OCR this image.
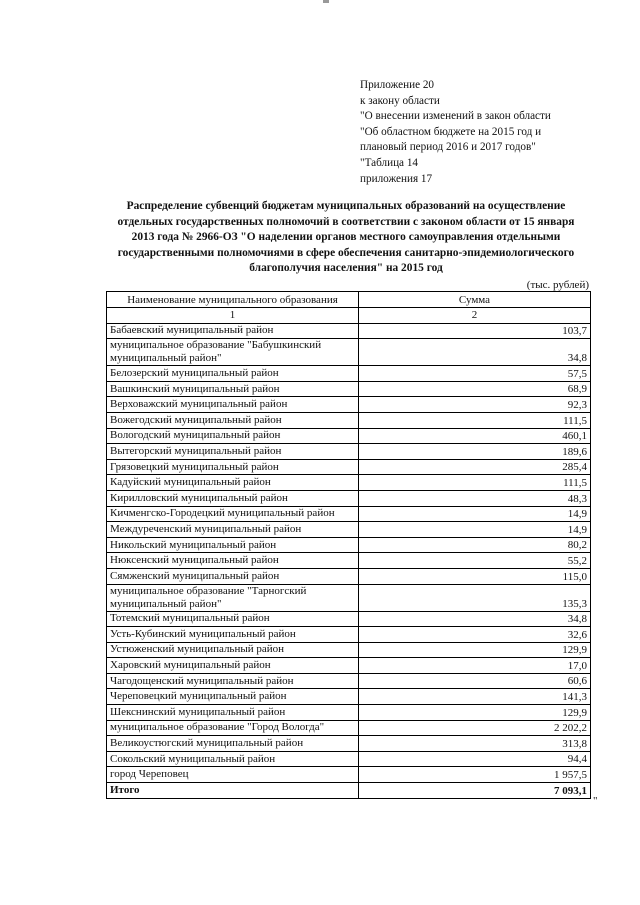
Приложение 20
к закону области
"О внесении изменений в закон области
"Об областном бюджете на 2015 год и
плановый период 2016 и 2017 годов"
"Таблица 14
приложения 17
Распределение субвенций бюджетам муниципальных образований на осуществление
отдельных государственных полномочий в соответствии с законом области от 15 января
2013 года № 2966-ОЗ "О наделении органов местного самоуправления отдельными
государственными полномочиями в сфере обеспечения санитарно-эпидемиологического
благополучия населения" на 2015 год
(тыс. рублей)
Наименование муниципального образования	Сумма
1	2
Бабаевский муниципальный район	103,7
муниципальное образование "Бабушкинский муниципальный район"	34,8
Белозерский муниципальный район	57,5
Вашкинский муниципальный район	68,9
Верховажский муниципальный район	92,3
Вожегодский муниципальный район	111,5
Вологодский муниципальный район	460,1
Вытегорский муниципальный район	189,6
Грязовецкий муниципальный район	285,4
Кадуйский муниципальный район	111,5
Кирилловский муниципальный район	48,3
Кичменгско-Городецкий муниципальный район	14,9
Междуреченский муниципальный район	14,9
Никольский муниципальный район	80,2
Нюксенский муниципальный район	55,2
Сямженский муниципальный район	115,0
муниципальное образование "Тарногский муниципальный район"	135,3
Тотемский муниципальный район	34,8
Усть-Кубинский муниципальный район	32,6
Устюженский муниципальный район	129,9
Харовский муниципальный район	17,0
Чагодощенский муниципальный район	60,6
Череповецкий муниципальный район	141,3
Шекснинский муниципальный район	129,9
муниципальное образование "Город Вологда"	2 202,2
Великоустюгский муниципальный район	313,8
Сокольский муниципальный район	94,4
город Череповец	1 957,5
Итого	7 093,1
"
